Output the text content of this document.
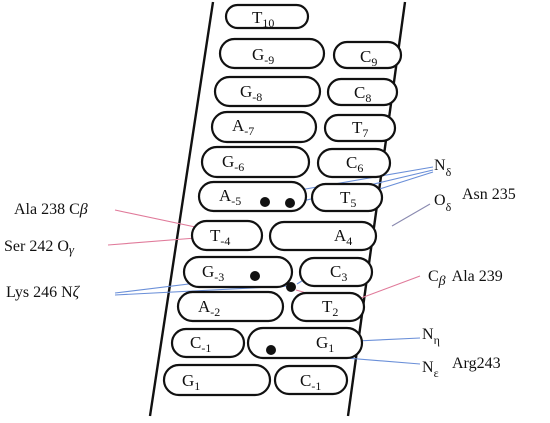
$T_{10}$
$G_{-9}$	$C_9$
$G_{-8}$	$C_8$
$A_{-7}$	$T_7$
$G_{-6}$	$C_6$
$A_{-5}$	$T_5$
$T_{-4}$	$A_4$
$G_{-3}$	$C_3$
$A_{-2}$	$T_2$
$C_{-1}$	$G_1$
$G_1$	$C_{-1}$
Ala 238 Cβ
Ser 242 Oγ
Lys 246 Nζ
$N_\delta$
Asn 235
$O_\delta$
Cβ Ala 239
$N_\eta$
$N_\varepsilon$
Arg243
